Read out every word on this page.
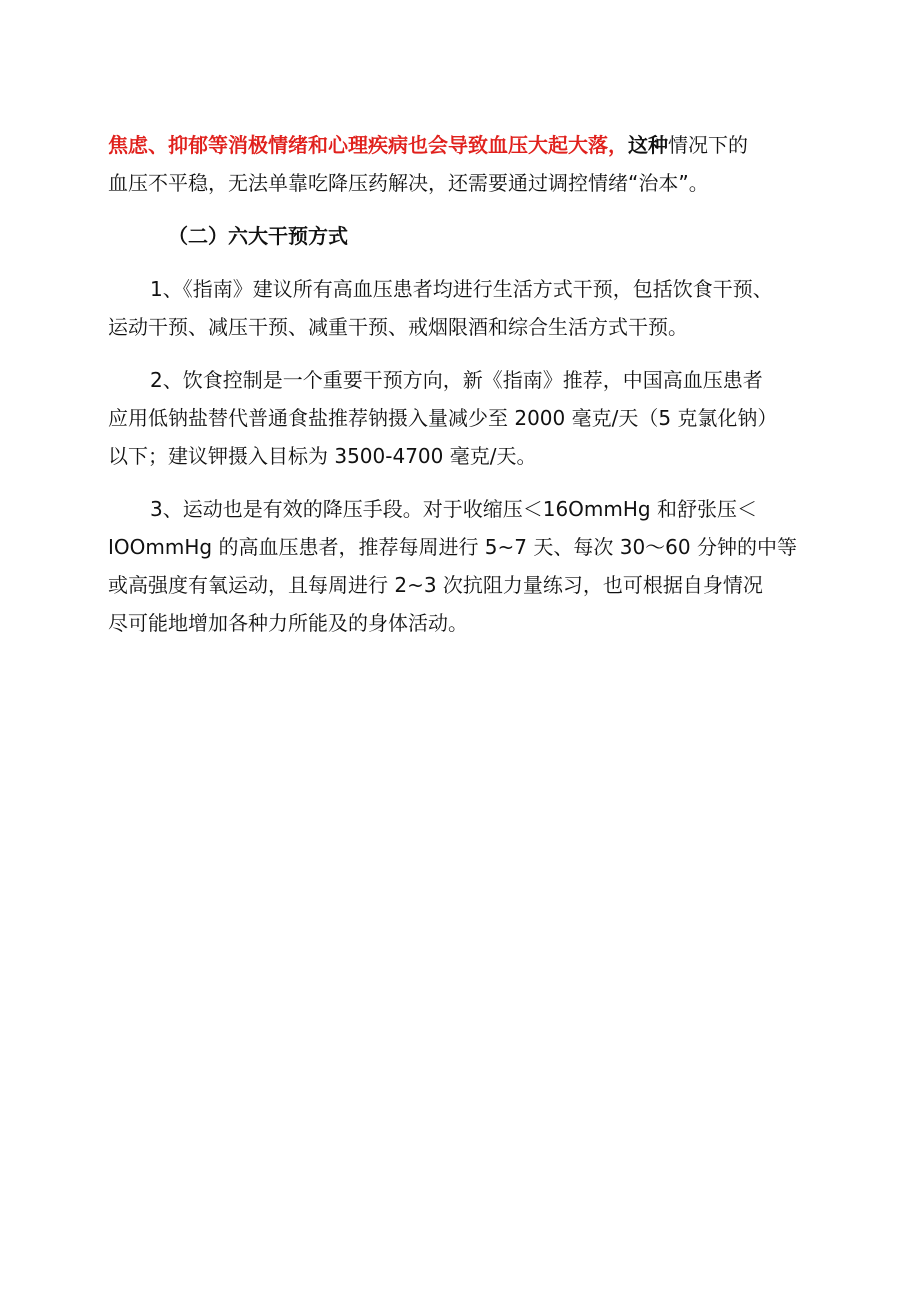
焦虑、抑郁等消极情绪和心理疾病也会导致血压大起大落，这种情况下的

血压不平稳，无法单靠吃降压药解决，还需要通过调控情绪“治本”。

（二）六大干预方式

1、《指南》建议所有高血压患者均进行生活方式干预，包括饮食干预、

运动干预、减压干预、减重干预、戒烟限酒和综合生活方式干预。

2、饮食控制是一个重要干预方向，新《指南》推荐，中国高血压患者

应用低钠盐替代普通食盐推荐钠摄入量减少至 2000 毫克/天（5 克氯化钠）

以下；建议钾摄入目标为 3500-4700 毫克/天。

3、运动也是有效的降压手段。对于收缩压＜16OmmHg 和舒张压＜

IOOmmHg 的高血压患者，推荐每周进行 5~7 天、每次 30～60 分钟的中等

或高强度有氧运动，且每周进行 2~3 次抗阻力量练习，也可根据自身情况

尽可能地增加各种力所能及的身体活动。
